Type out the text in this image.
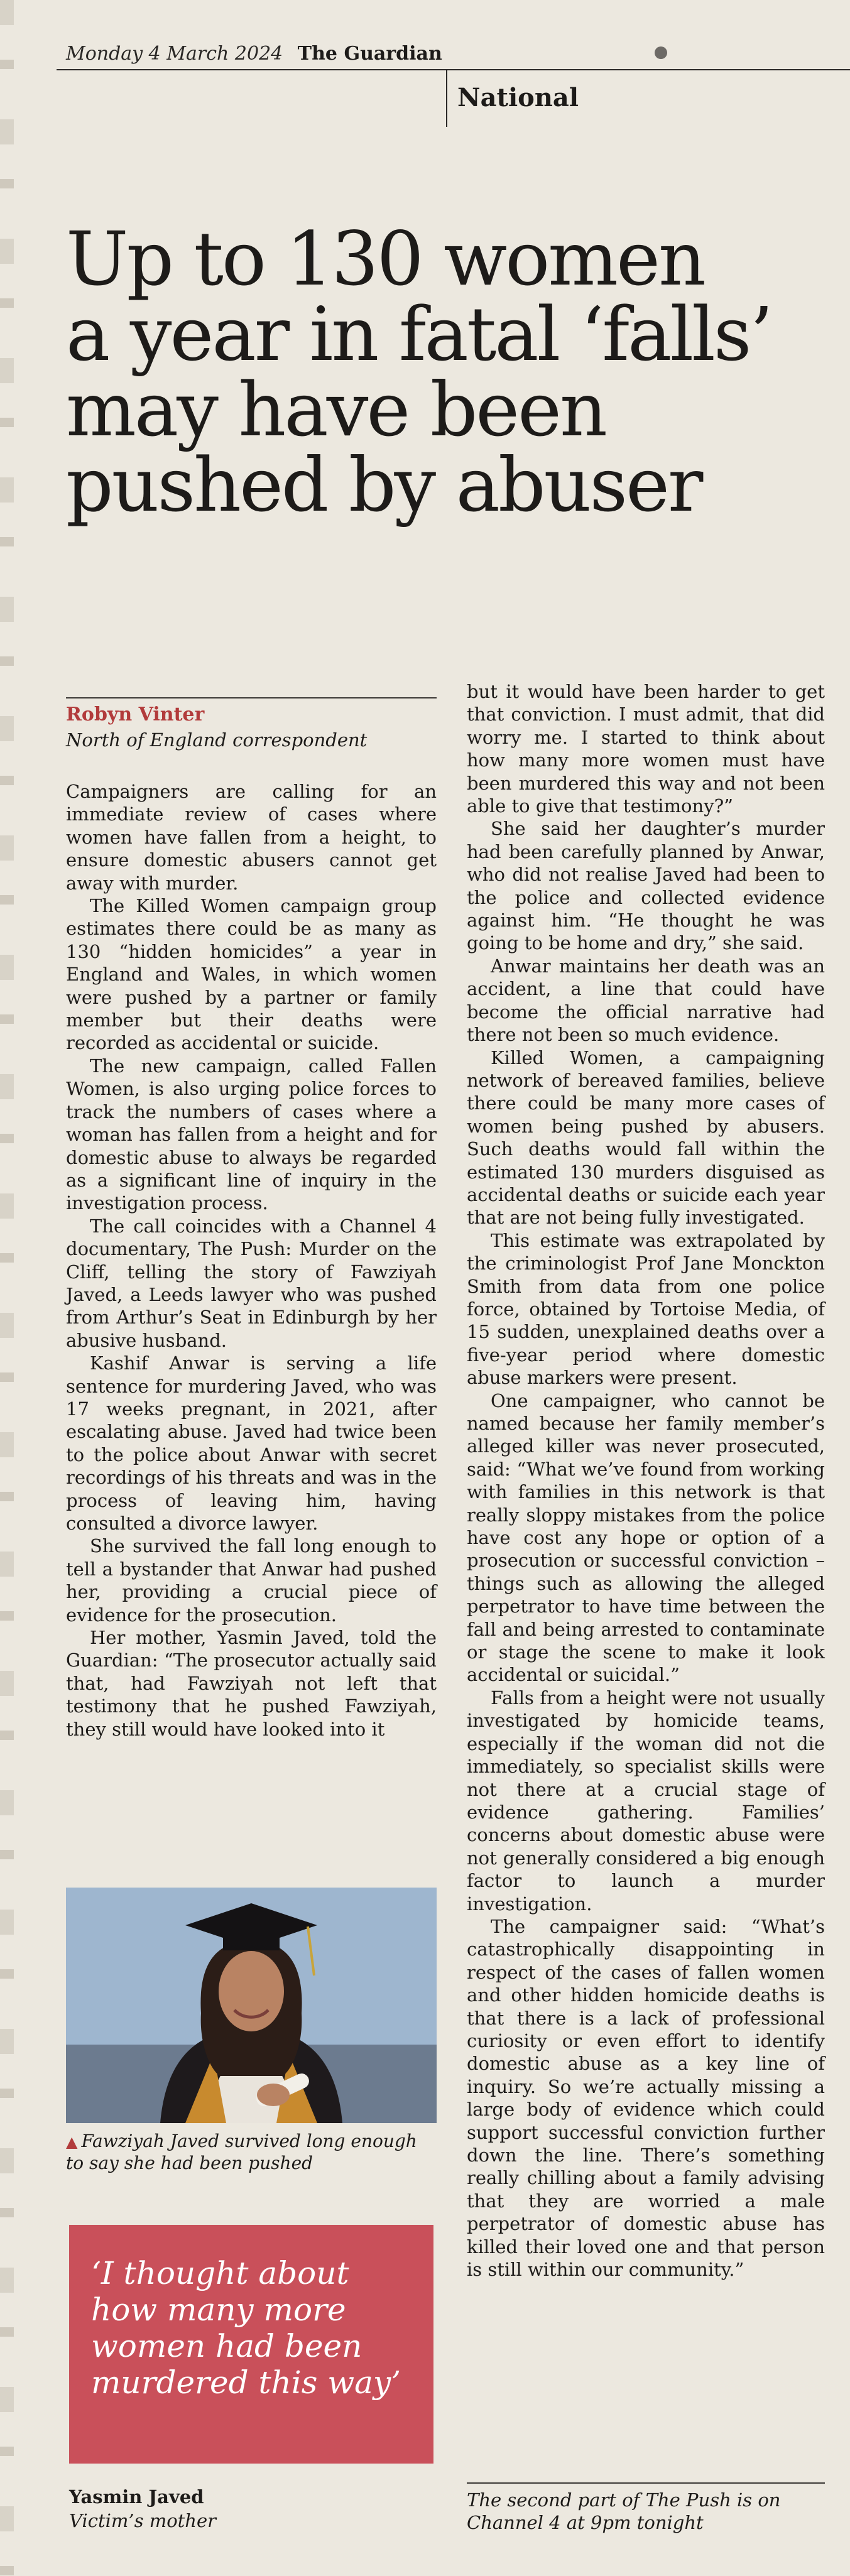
Monday 4 March 2024 The Guardian
National
Up to 130 women
a year in fatal ‘falls’
may have been
pushed by abuser
Robyn Vinter
North of England correspondent

Campaigners are calling for an immediate review of cases where women have fallen from a height, to ensure domestic abusers cannot get away with murder.

The Killed Women campaign group estimates there could be as many as 130 “hidden homicides” a year in England and Wales, in which women were pushed by a partner or family member but their deaths were recorded as accidental or suicide.

The new campaign, called Fallen Women, is also urging police forces to track the numbers of cases where a woman has fallen from a height and for domestic abuse to always be regarded as a significant line of inquiry in the investigation process.

The call coincides with a Channel 4 documentary, The Push: Murder on the Cliff, telling the story of Fawziyah Javed, a Leeds lawyer who was pushed from Arthur’s Seat in Edinburgh by her abusive husband.

Kashif Anwar is serving a life sentence for murdering Javed, who was 17 weeks pregnant, in 2021, after escalating abuse. Javed had twice been to the police about Anwar with secret recordings of his threats and was in the process of leaving him, having consulted a divorce lawyer.

She survived the fall long enough to tell a bystander that Anwar had pushed her, providing a crucial piece of evidence for the prosecution.

Her mother, Yasmin Javed, told the Guardian: “The prosecutor actually said that, had Fawziyah not left that testimony that he pushed Fawziyah, they still would have looked into it

but it would have been harder to get that conviction. I must admit, that did worry me. I started to think about how many more women must have been murdered this way and not been able to give that testimony?”

She said her daughter’s murder had been carefully planned by Anwar, who did not realise Javed had been to the police and collected evidence against him. “He thought he was going to be home and dry,” she said.

Anwar maintains her death was an accident, a line that could have become the official narrative had there not been so much evidence.

Killed Women, a campaigning network of bereaved families, believe there could be many more cases of women being pushed by abusers. Such deaths would fall within the estimated 130 murders disguised as accidental deaths or suicide each year that are not being fully investigated.

This estimate was extrapolated by the criminologist Prof Jane Monckton Smith from data from one police force, obtained by Tortoise Media, of 15 sudden, unexplained deaths over a five-year period where domestic abuse markers were present.

One campaigner, who cannot be named because her family member’s alleged killer was never prosecuted, said: “What we’ve found from working with families in this network is that really sloppy mistakes from the police have cost any hope or option of a prosecution or successful conviction – things such as allowing the alleged perpetrator to have time between the fall and being arrested to contaminate or stage the scene to make it look accidental or suicidal.”

Falls from a height were not usually investigated by homicide teams, especially if the woman did not die immediately, so specialist skills were not there at a crucial stage of evidence gathering. Families’ concerns about domestic abuse were not generally considered a big enough factor to launch a murder investigation.

The campaigner said: “What’s catastrophically disappointing in respect of the cases of fallen women and other hidden homicide deaths is that there is a lack of professional curiosity or even effort to identify domestic abuse as a key line of inquiry. So we’re actually missing a large body of evidence which could support successful conviction further down the line. There’s something really chilling about a family advising that they are worried a male perpetrator of domestic abuse has killed their loved one and that person is still within our community.”

▲ Fawziyah Javed survived long enough to say she had been pushed
‘I thought about how many more women had been murdered this way’
Yasmin Javed
Victim’s mother
The second part of The Push is on Channel 4 at 9pm tonight
